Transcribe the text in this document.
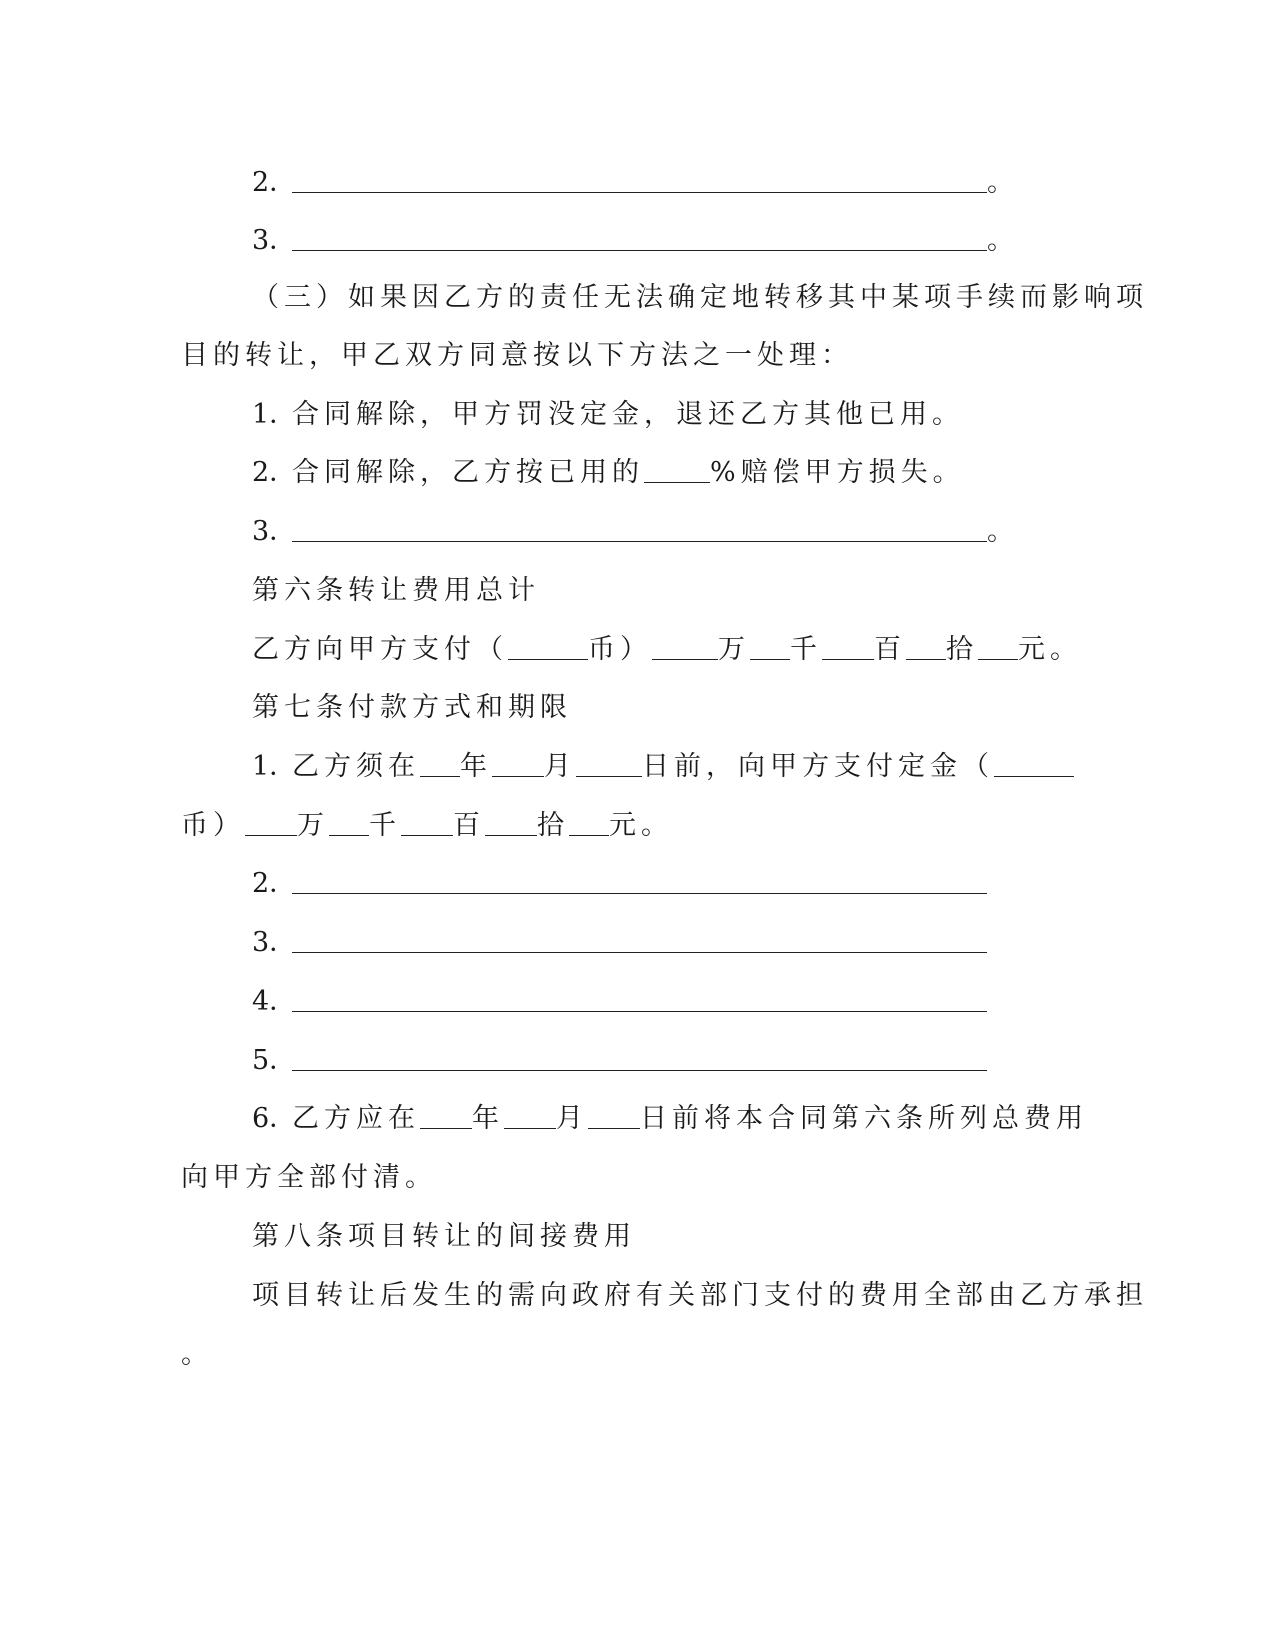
2．	。
3．	。
（三）如果因乙方的责任无法确定地转移其中某项手续而影响项
目的转让，甲乙双方同意按以下方法之一处理：
1．合同解除，甲方罚没定金，退还乙方其他已用。
2．合同解除，乙方按已用的 %赔偿甲方损失。
3．	。
第六条转让费用总计
乙方向甲方支付（	币） 万 千 百 拾 元。
第七条付款方式和期限
1．乙方须在 年 月 日前，向甲方支付定金（
币） 万 千 百 拾 元。
2．
3．
4．
5．
6．乙方应在 年 月 日前将本合同第六条所列总费用
向甲方全部付清。
第八条项目转让的间接费用
项目转让后发生的需向政府有关部门支付的费用全部由乙方承担
。
